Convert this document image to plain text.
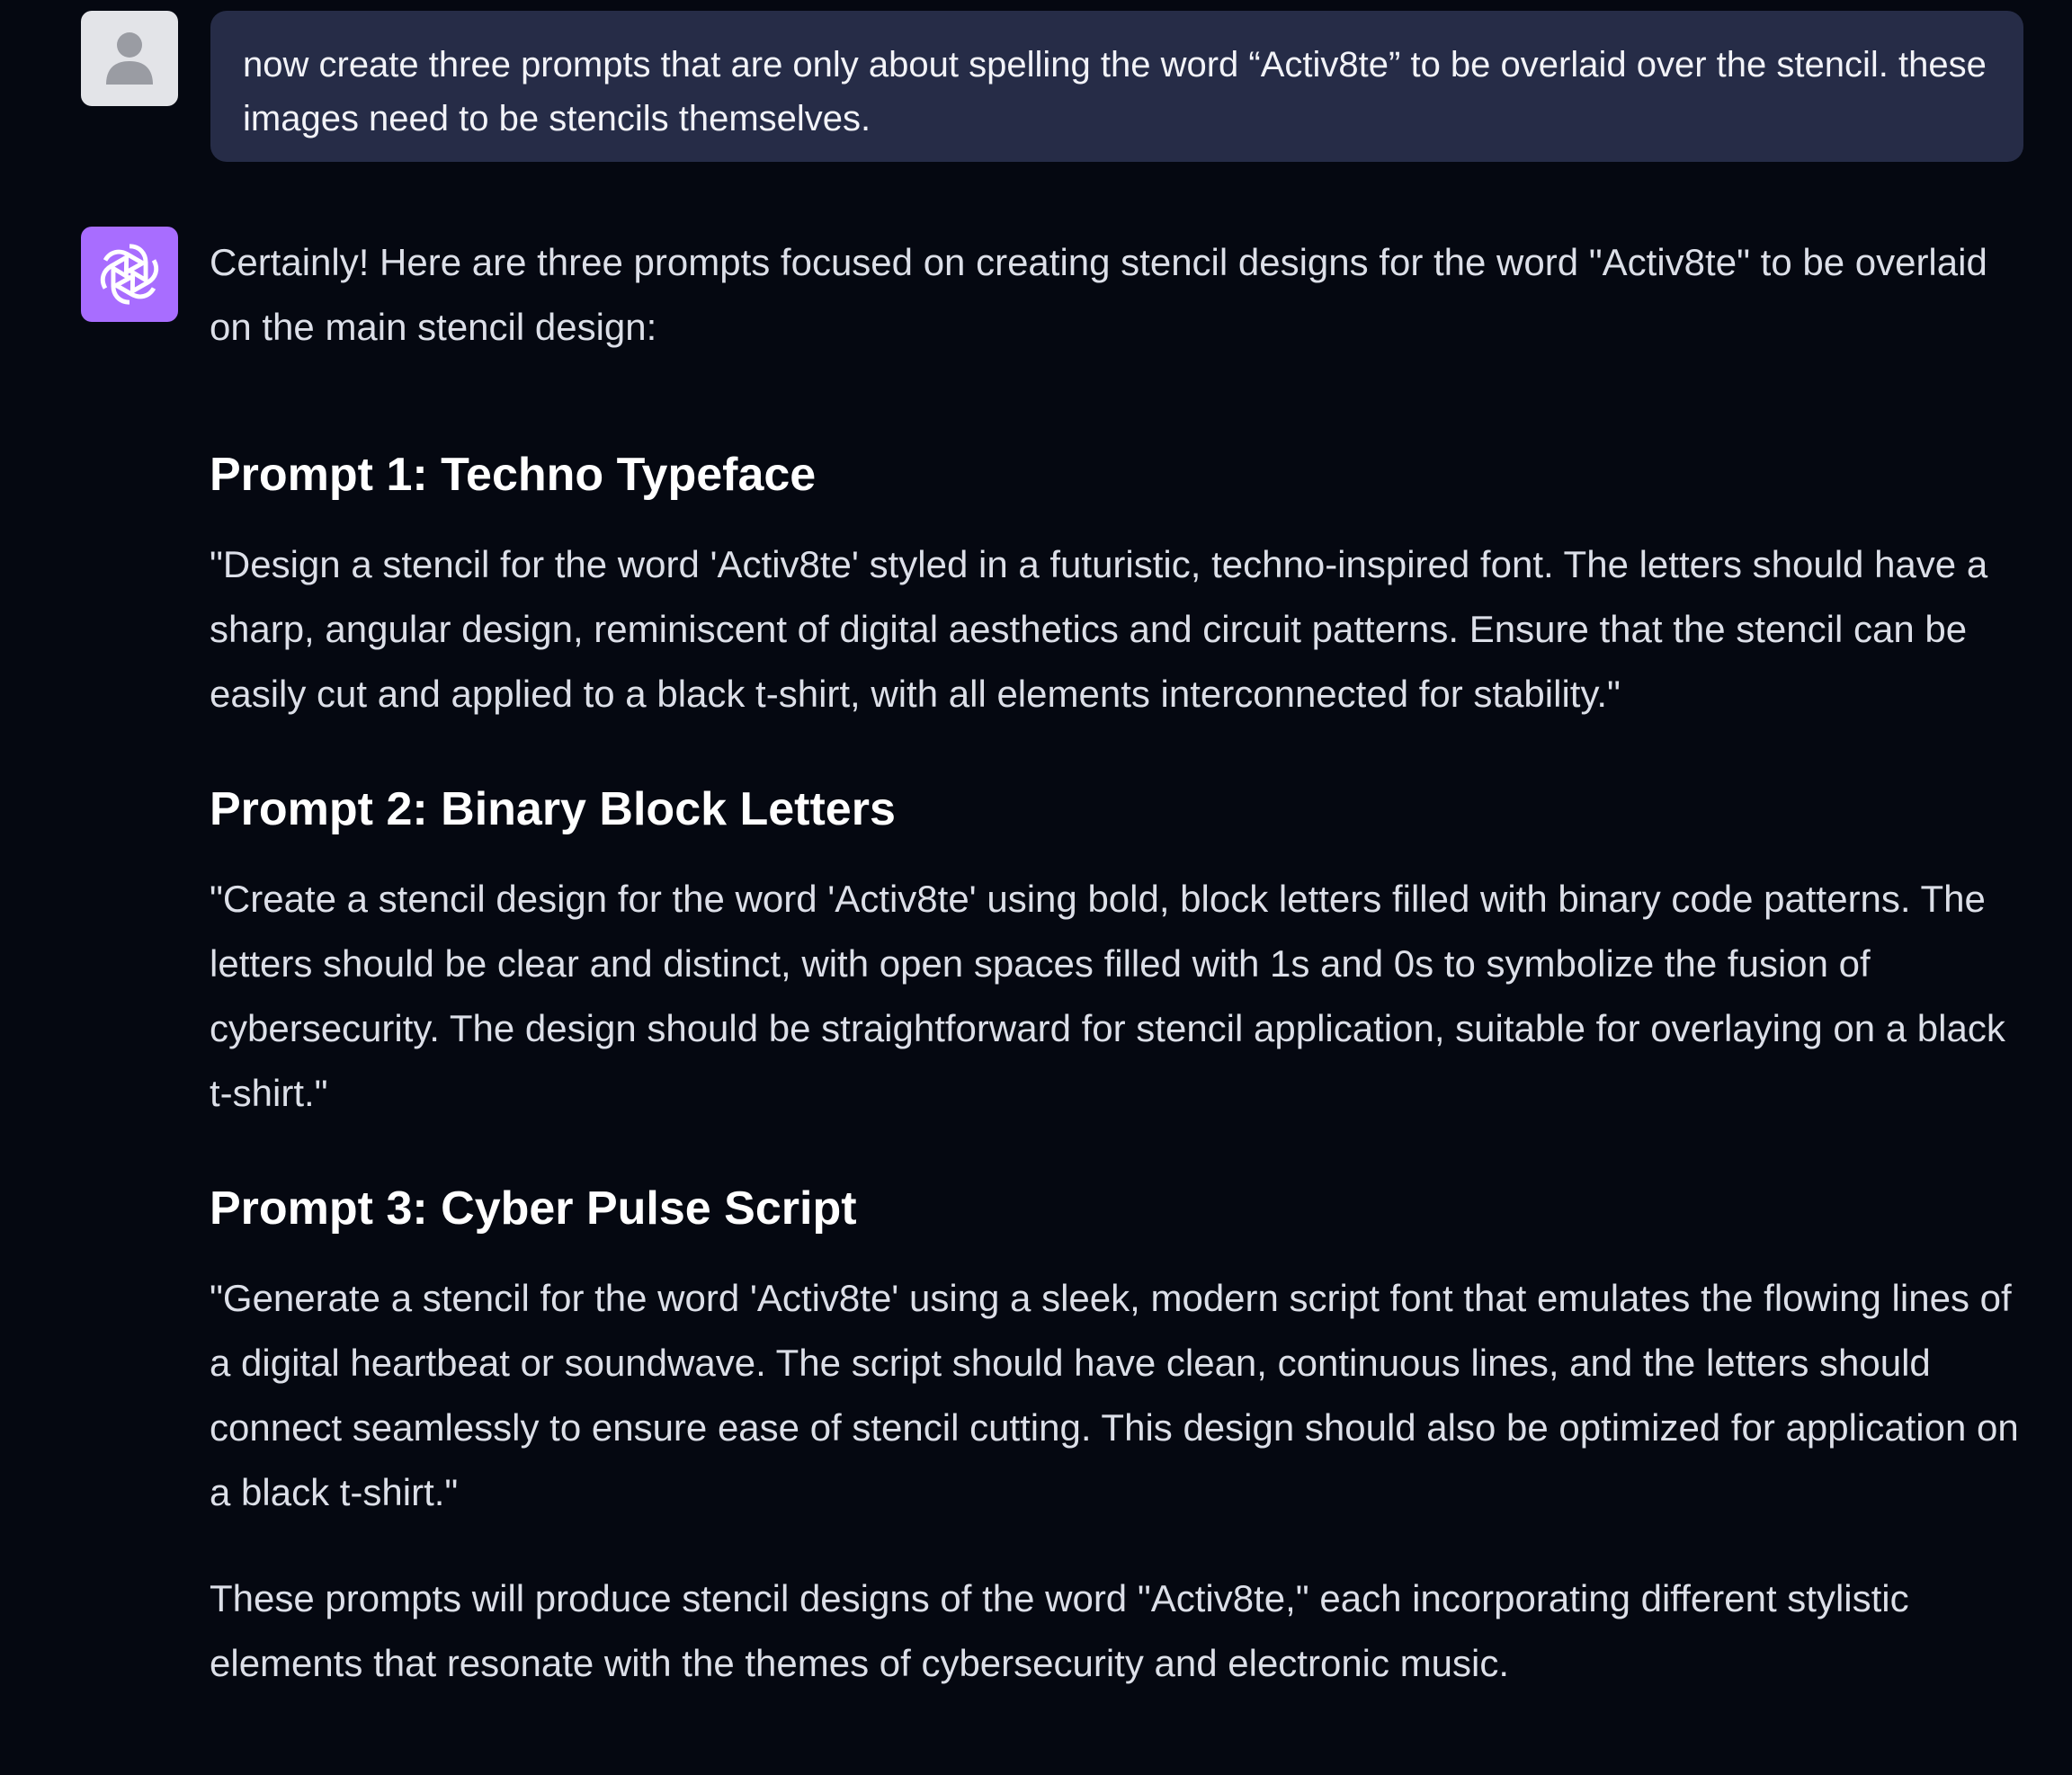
now create three prompts that are only about spelling the word “Activ8te” to be overlaid over the stencil. these images need to be stencils themselves.

Certainly! Here are three prompts focused on creating stencil designs for the word "Activ8te" to be overlaid on the main stencil design:

Prompt 1: Techno Typeface

"Design a stencil for the word 'Activ8te' styled in a futuristic, techno-inspired font. The letters should have a sharp, angular design, reminiscent of digital aesthetics and circuit patterns. Ensure that the stencil can be easily cut and applied to a black t-shirt, with all elements interconnected for stability."

Prompt 2: Binary Block Letters

"Create a stencil design for the word 'Activ8te' using bold, block letters filled with binary code patterns. The letters should be clear and distinct, with open spaces filled with 1s and 0s to symbolize the fusion of cybersecurity. The design should be straightforward for stencil application, suitable for overlaying on a black t-shirt."

Prompt 3: Cyber Pulse Script

"Generate a stencil for the word 'Activ8te' using a sleek, modern script font that emulates the flowing lines of a digital heartbeat or soundwave. The script should have clean, continuous lines, and the letters should connect seamlessly to ensure ease of stencil cutting. This design should also be optimized for application on a black t-shirt."

These prompts will produce stencil designs of the word "Activ8te," each incorporating different stylistic elements that resonate with the themes of cybersecurity and electronic music.
